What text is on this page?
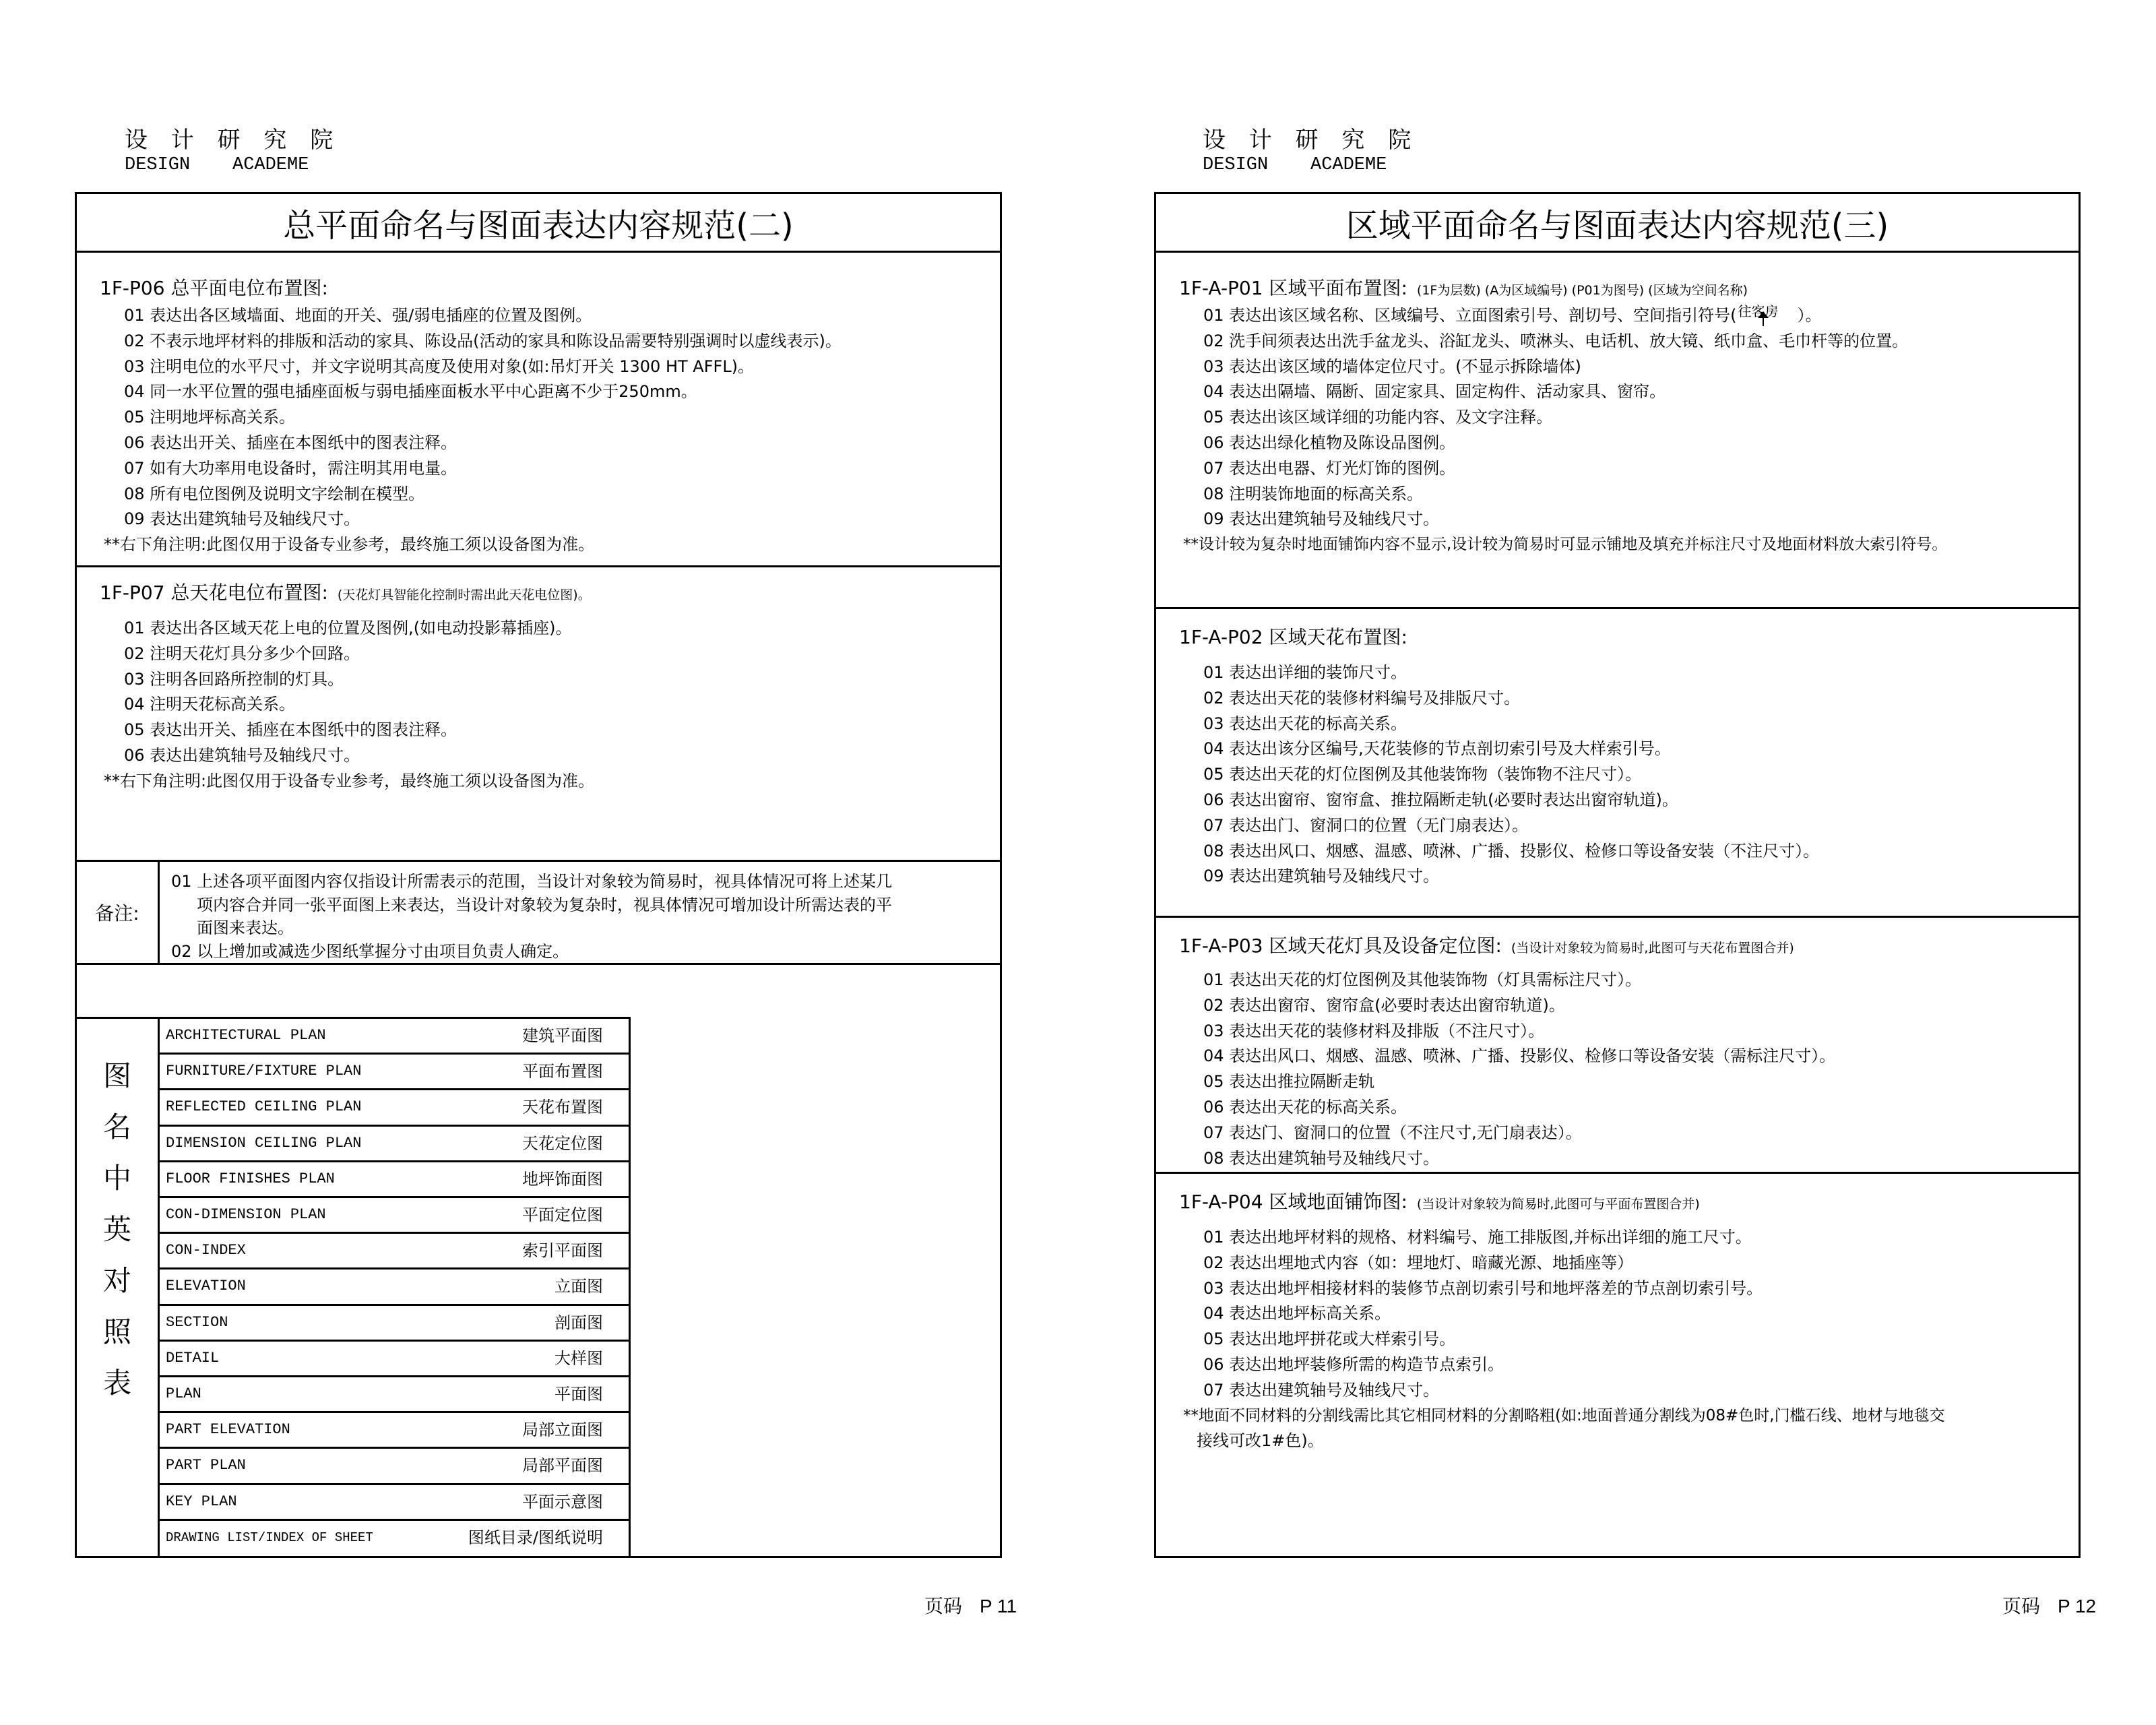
设 计 研 究 院
DESIGN ACADEME
总平面命名与图面表达内容规范(二)
1F-P06 总平面电位布置图:
01 表达出各区域墙面、地面的开关、强/弱电插座的位置及图例。
02 不表示地坪材料的排版和活动的家具、陈设品(活动的家具和陈设品需要特别强调时以虚线表示)。
03 注明电位的水平尺寸，并文字说明其高度及使用对象(如:吊灯开关 1300 HT AFFL)。
04 同一水平位置的强电插座面板与弱电插座面板水平中心距离不少于250mm。
05 注明地坪标高关系。
06 表达出开关、插座在本图纸中的图表注释。
07 如有大功率用电设备时，需注明其用电量。
08 所有电位图例及说明文字绘制在模型。
09 表达出建筑轴号及轴线尺寸。
**右下角注明:此图仅用于设备专业参考，最终施工须以设备图为准。
1F-P07 总天花电位布置图: (天花灯具智能化控制时需出此天花电位图)。
01 表达出各区域天花上电的位置及图例,(如电动投影幕插座)。
02 注明天花灯具分多少个回路。
03 注明各回路所控制的灯具。
04 注明天花标高关系。
05 表达出开关、插座在本图纸中的图表注释。
06 表达出建筑轴号及轴线尺寸。
**右下角注明:此图仅用于设备专业参考，最终施工须以设备图为准。
备注:
01 上述各项平面图内容仅指设计所需表示的范围，当设计对象较为简易时，视具体情况可将上述某几
项内容合并同一张平面图上来表达，当设计对象较为复杂时，视具体情况可增加设计所需达表的平
面图来表达。
02 以上增加或减选少图纸掌握分寸由项目负责人确定。
图
名
中
英
对
照
表
ARCHITECTURAL PLAN	建筑平面图
FURNITURE/FIXTURE PLAN	平面布置图
REFLECTED CEILING PLAN	天花布置图
DIMENSION CEILING PLAN	天花定位图
FLOOR FINISHES PLAN	地坪饰面图
CON-DIMENSION PLAN	平面定位图
CON-INDEX	索引平面图
ELEVATION	立面图
SECTION	剖面图
DETAIL	大样图
PLAN	平面图
PART ELEVATION	局部立面图
PART PLAN	局部平面图
KEY PLAN	平面示意图
DRAWING LIST/INDEX OF SHEET	图纸目录/图纸说明
页码 P 11
设 计 研 究 院
DESIGN ACADEME
区域平面命名与图面表达内容规范(三)
1F-A-P01 区域平面布置图: (1F为层数) (A为区域编号) (P01为图号) (区域为空间名称)
01 表达出该区域名称、区域编号、立面图索引号、剖切号、空间指引符号( 往客房 ）。
02 洗手间须表达出洗手盆龙头、浴缸龙头、喷淋头、电话机、放大镜、纸巾盒、毛巾杆等的位置。
03 表达出该区域的墙体定位尺寸。(不显示拆除墙体)
04 表达出隔墙、隔断、固定家具、固定构件、活动家具、窗帘。
05 表达出该区域详细的功能内容、及文字注释。
06 表达出绿化植物及陈设品图例。
07 表达出电器、灯光灯饰的图例。
08 注明装饰地面的标高关系。
09 表达出建筑轴号及轴线尺寸。
**设计较为复杂时地面铺饰内容不显示,设计较为简易时可显示铺地及填充并标注尺寸及地面材料放大索引符号。
1F-A-P02 区域天花布置图:
01 表达出详细的装饰尺寸。
02 表达出天花的装修材料编号及排版尺寸。
03 表达出天花的标高关系。
04 表达出该分区编号,天花装修的节点剖切索引号及大样索引号。
05 表达出天花的灯位图例及其他装饰物（装饰物不注尺寸）。
06 表达出窗帘、窗帘盒、推拉隔断走轨(必要时表达出窗帘轨道)。
07 表达出门、窗洞口的位置（无门扇表达）。
08 表达出风口、烟感、温感、喷淋、广播、投影仪、检修口等设备安装（不注尺寸）。
09 表达出建筑轴号及轴线尺寸。
1F-A-P03 区域天花灯具及设备定位图: (当设计对象较为简易时,此图可与天花布置图合并)
01 表达出天花的灯位图例及其他装饰物（灯具需标注尺寸）。
02 表达出窗帘、窗帘盒(必要时表达出窗帘轨道)。
03 表达出天花的装修材料及排版（不注尺寸）。
04 表达出风口、烟感、温感、喷淋、广播、投影仪、检修口等设备安装（需标注尺寸）。
05 表达出推拉隔断走轨
06 表达出天花的标高关系。
07 表达门、窗洞口的位置（不注尺寸,无门扇表达）。
08 表达出建筑轴号及轴线尺寸。
1F-A-P04 区域地面铺饰图: (当设计对象较为简易时,此图可与平面布置图合并)
01 表达出地坪材料的规格、材料编号、施工排版图,并标出详细的施工尺寸。
02 表达出埋地式内容（如：埋地灯、暗藏光源、地插座等）
03 表达出地坪相接材料的装修节点剖切索引号和地坪落差的节点剖切索引号。
04 表达出地坪标高关系。
05 表达出地坪拼花或大样索引号。
06 表达出地坪装修所需的构造节点索引。
07 表达出建筑轴号及轴线尺寸。
**地面不同材料的分割线需比其它相同材料的分割略粗(如:地面普通分割线为08#色时,门槛石线、地材与地毯交
接线可改1#色)。
页码 P 12
